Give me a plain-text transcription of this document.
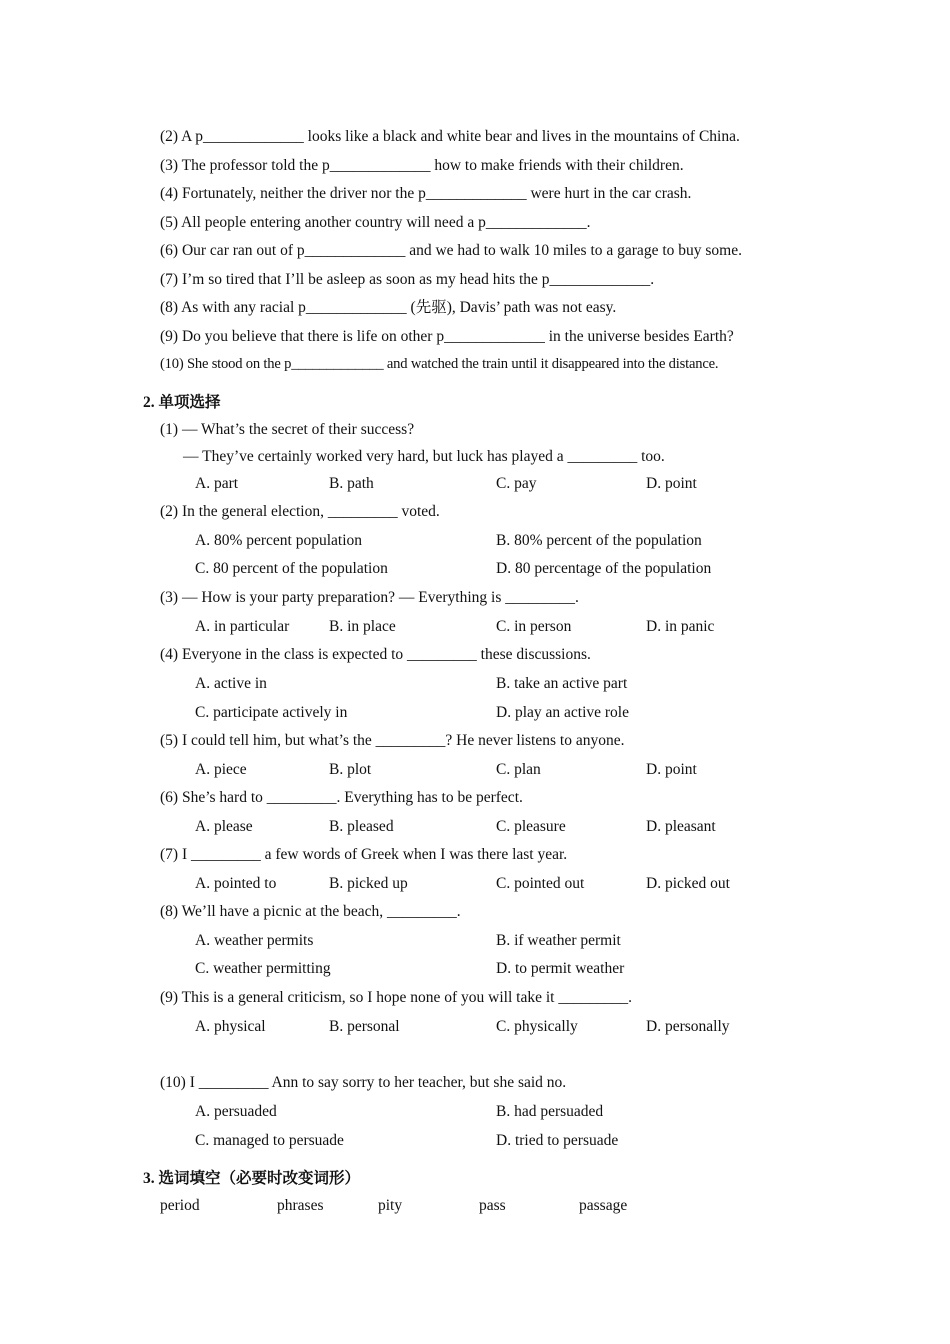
(2) A p_____________ looks like a black and white bear and lives in the mountains of China.
(3) The professor told the p_____________ how to make friends with their children.
(4) Fortunately, neither the driver nor the p_____________ were hurt in the car crash.
(5) All people entering another country will need a p_____________.
(6) Our car ran out of p_____________ and we had to walk 10 miles to a garage to buy some.
(7) I’m so tired that I’ll be asleep as soon as my head hits the p_____________.
(8) As with any racial p_____________ (先驱), Davis’ path was not easy.
(9) Do you believe that there is life on other p_____________ in the universe besides Earth?
(10) She stood on the p_____________ and watched the train until it disappeared into the distance.
2. 单项选择
(1) — What’s the secret of their success?
— They’ve certainly worked very hard, but luck has played a _________ too.
A. part	B. path	C. pay	D. point
(2) In the general election, _________ voted.
A. 80% percent population	B. 80% percent of the population
C. 80 percent of the population	D. 80 percentage of the population
(3) — How is your party preparation? — Everything is _________.
A. in particular	B. in place	C. in person	D. in panic
(4) Everyone in the class is expected to _________ these discussions.
A. active in	B. take an active part
C. participate actively in	D. play an active role
(5) I could tell him, but what’s the _________? He never listens to anyone.
A. piece	B. plot	C. plan	D. point
(6) She’s hard to _________. Everything has to be perfect.
A. please	B. pleased	C. pleasure	D. pleasant
(7) I _________ a few words of Greek when I was there last year.
A. pointed to	B. picked up	C. pointed out	D. picked out
(8) We’ll have a picnic at the beach, _________.
A. weather permits	B. if weather permit
C. weather permitting	D. to permit weather
(9) This is a general criticism, so I hope none of you will take it _________.
A. physical	B. personal	C. physically	D. personally
(10) I _________ Ann to say sorry to her teacher, but she said no.
A. persuaded	B. had persuaded
C. managed to persuade	D. tried to persuade
3. 选词填空（必要时改变词形）
period	phrases	pity	pass	passage
